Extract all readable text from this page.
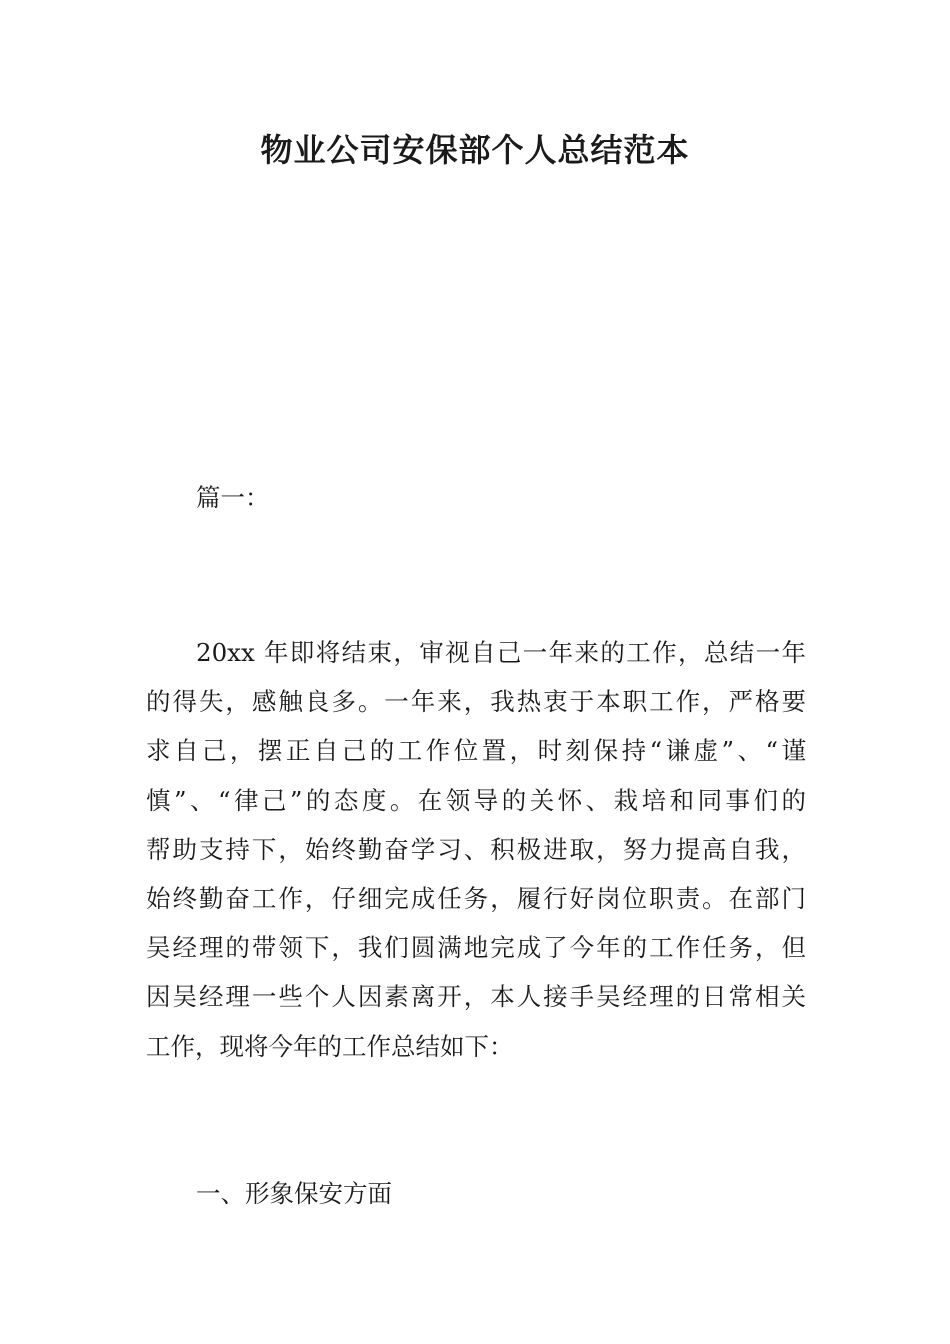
物业公司安保部个人总结范本

篇一：

20xx 年即将结束，审视自己一年来的工作，总结一年
的得失，感触良多。一年来，我热衷于本职工作，严格要
求自己，摆正自己的工作位置，时刻保持“谦虚”、“谨
慎”、“律己”的态度。在领导的关怀、栽培和同事们的
帮助支持下，始终勤奋学习、积极进取，努力提高自我，
始终勤奋工作，仔细完成任务，履行好岗位职责。在部门
吴经理的带领下，我们圆满地完成了今年的工作任务，但
因吴经理一些个人因素离开，本人接手吴经理的日常相关
工作，现将今年的工作总结如下：

一、形象保安方面
